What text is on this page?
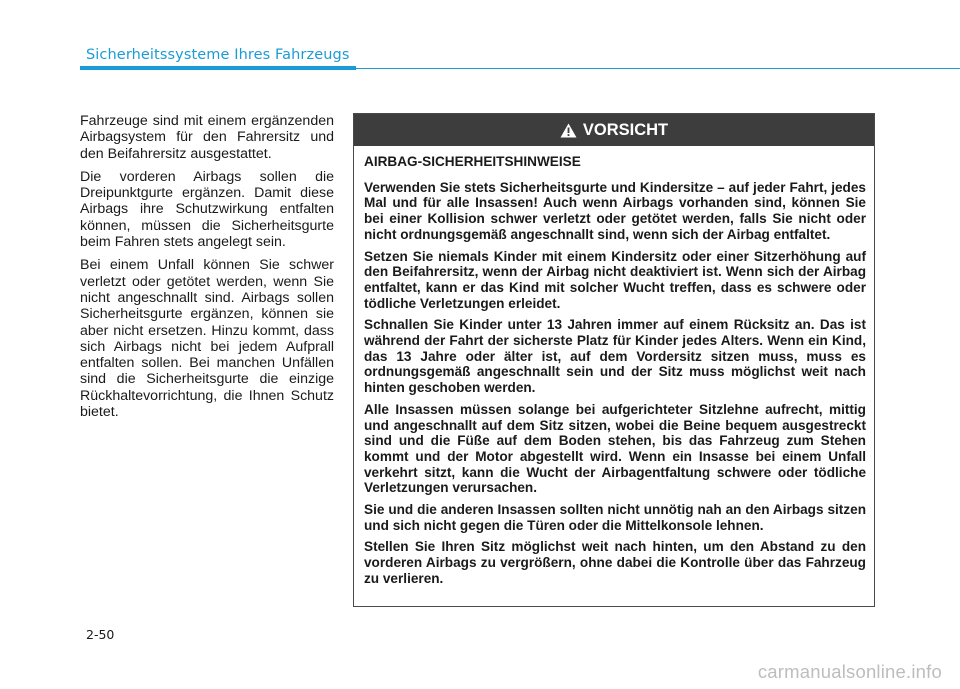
Sicherheitssysteme Ihres Fahrzeugs

Fahrzeuge sind mit einem ergänzenden Airbagsystem für den Fahrersitz und den Beifahrersitz ausgestattet.

Die vorderen Airbags sollen die Dreipunktgurte ergänzen. Damit diese Airbags ihre Schutzwirkung entfalten können, müssen die Sicherheitsgurte beim Fahren stets angelegt sein.

Bei einem Unfall können Sie schwer verletzt oder getötet werden, wenn Sie nicht angeschnallt sind. Airbags sollen Sicherheitsgurte ergänzen, können sie aber nicht ersetzen. Hinzu kommt, dass sich Airbags nicht bei jedem Aufprall entfalten sollen. Bei manchen Unfällen sind die Sicherheitsgurte die einzige Rückhaltevorrichtung, die Ihnen Schutz bietet.

VORSICHT

AIRBAG-SICHERHEITSHINWEISE

Verwenden Sie stets Sicherheitsgurte und Kindersitze – auf jeder Fahrt, jedes Mal und für alle Insassen! Auch wenn Airbags vorhanden sind, können Sie bei einer Kollision schwer verletzt oder getötet werden, falls Sie nicht oder nicht ordnungsgemäß angeschnallt sind, wenn sich der Airbag entfaltet.

Setzen Sie niemals Kinder mit einem Kindersitz oder einer Sitzerhöhung auf den Beifahrersitz, wenn der Airbag nicht deaktiviert ist. Wenn sich der Airbag entfaltet, kann er das Kind mit solcher Wucht treffen, dass es schwere oder tödliche Verletzungen erleidet.

Schnallen Sie Kinder unter 13 Jahren immer auf einem Rücksitz an. Das ist während der Fahrt der sicherste Platz für Kinder jedes Alters. Wenn ein Kind, das 13 Jahre oder älter ist, auf dem Vordersitz sitzen muss, muss es ordnungsgemäß angeschnallt sein und der Sitz muss möglichst weit nach hinten geschoben werden.

Alle Insassen müssen solange bei aufgerichteter Sitzlehne aufrecht, mittig und angeschnallt auf dem Sitz sitzen, wobei die Beine bequem ausgestreckt sind und die Füße auf dem Boden stehen, bis das Fahrzeug zum Stehen kommt und der Motor abgestellt wird. Wenn ein Insasse bei einem Unfall verkehrt sitzt, kann die Wucht der Airbagentfaltung schwere oder tödliche Verletzungen verursachen.

Sie und die anderen Insassen sollten nicht unnötig nah an den Airbags sitzen und sich nicht gegen die Türen oder die Mittelkonsole lehnen.

Stellen Sie Ihren Sitz möglichst weit nach hinten, um den Abstand zu den vorderen Airbags zu vergrößern, ohne dabei die Kontrolle über das Fahrzeug zu verlieren.

2-50
carmanualsonline.info
